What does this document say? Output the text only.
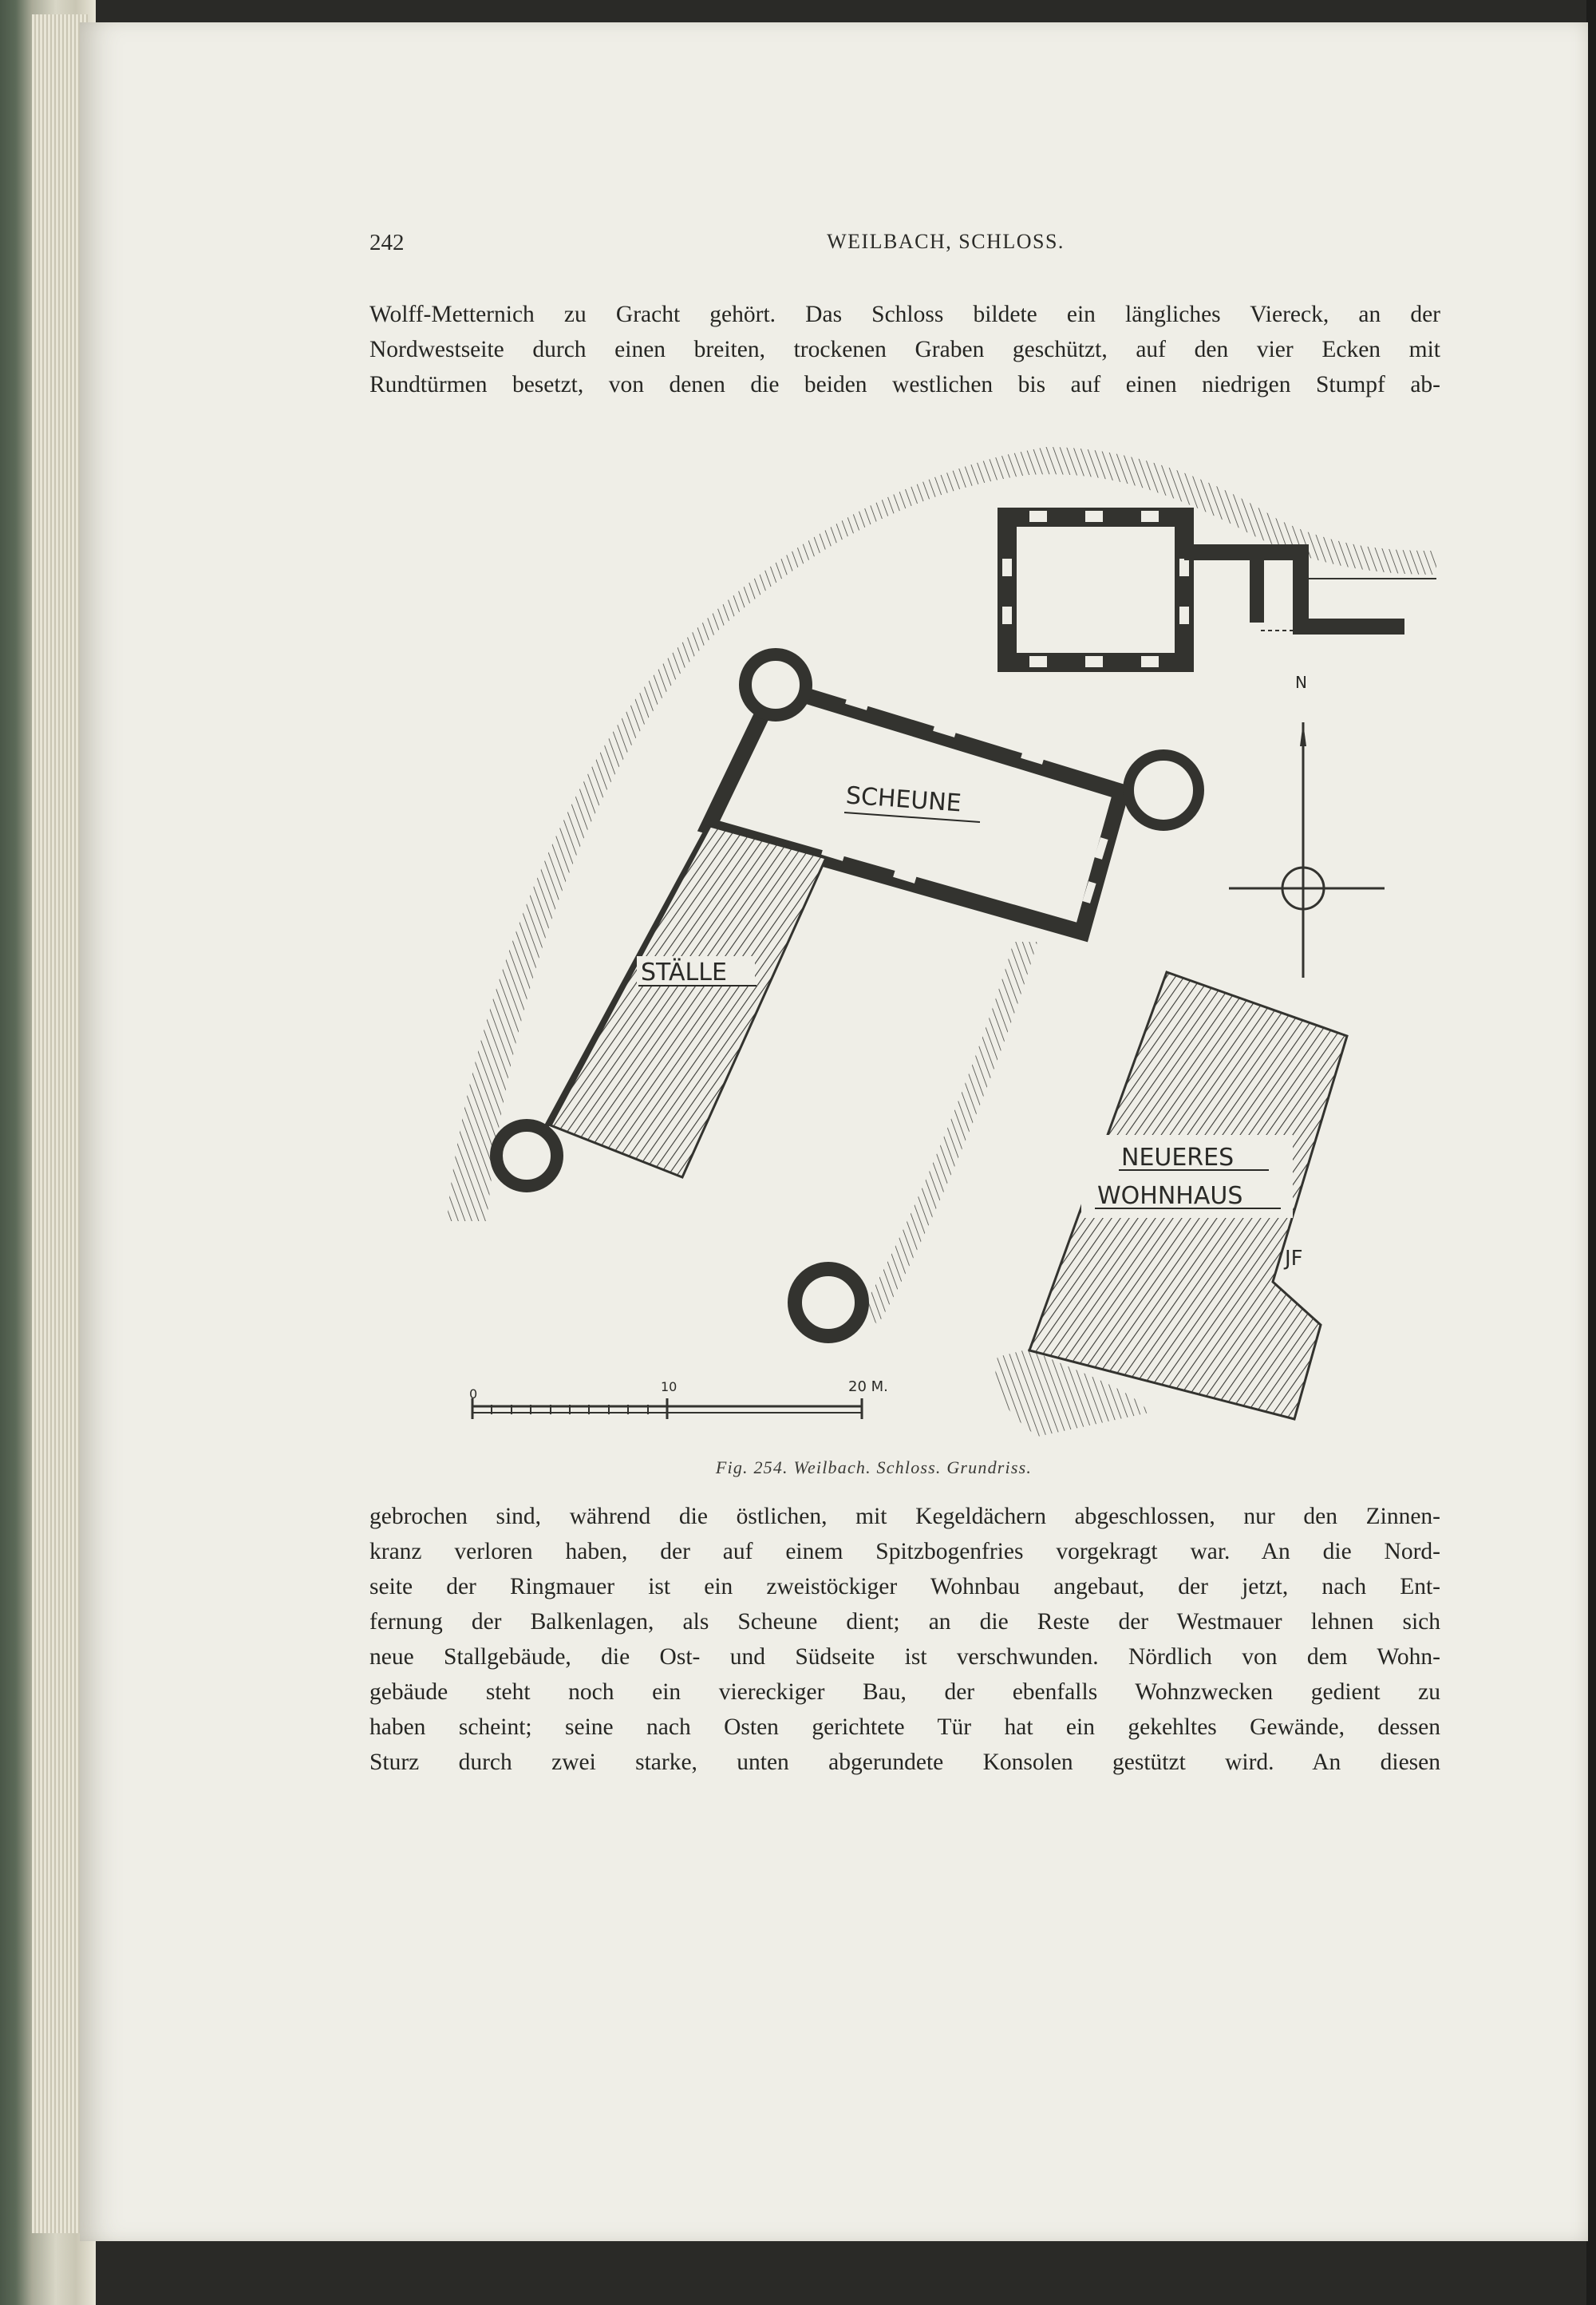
242	WEILBACH, SCHLOSS.
Wolff-Metternich zu Gracht gehört. Das Schloss bildete ein längliches Viereck, an der
Nordwestseite durch einen breiten, trockenen Graben geschützt, auf den vier Ecken mit
Rundtürmen besetzt, von denen die beiden westlichen bis auf einen niedrigen Stumpf ab-
SCHEUNE
STÄLLE
NEUERES
WOHNHAUS
N
JF
0	10	20 M.
Fig. 254. Weilbach. Schloss. Grundriss.
gebrochen sind, während die östlichen, mit Kegeldächern abgeschlossen, nur den Zinnen-
kranz verloren haben, der auf einem Spitzbogenfries vorgekragt war. An die Nord-
seite der Ringmauer ist ein zweistöckiger Wohnbau angebaut, der jetzt, nach Ent-
fernung der Balkenlagen, als Scheune dient; an die Reste der Westmauer lehnen sich
neue Stallgebäude, die Ost- und Südseite ist verschwunden. Nördlich von dem Wohn-
gebäude steht noch ein viereckiger Bau, der ebenfalls Wohnzwecken gedient zu
haben scheint; seine nach Osten gerichtete Tür hat ein gekehltes Gewände, dessen
Sturz durch zwei starke, unten abgerundete Konsolen gestützt wird. An diesen
